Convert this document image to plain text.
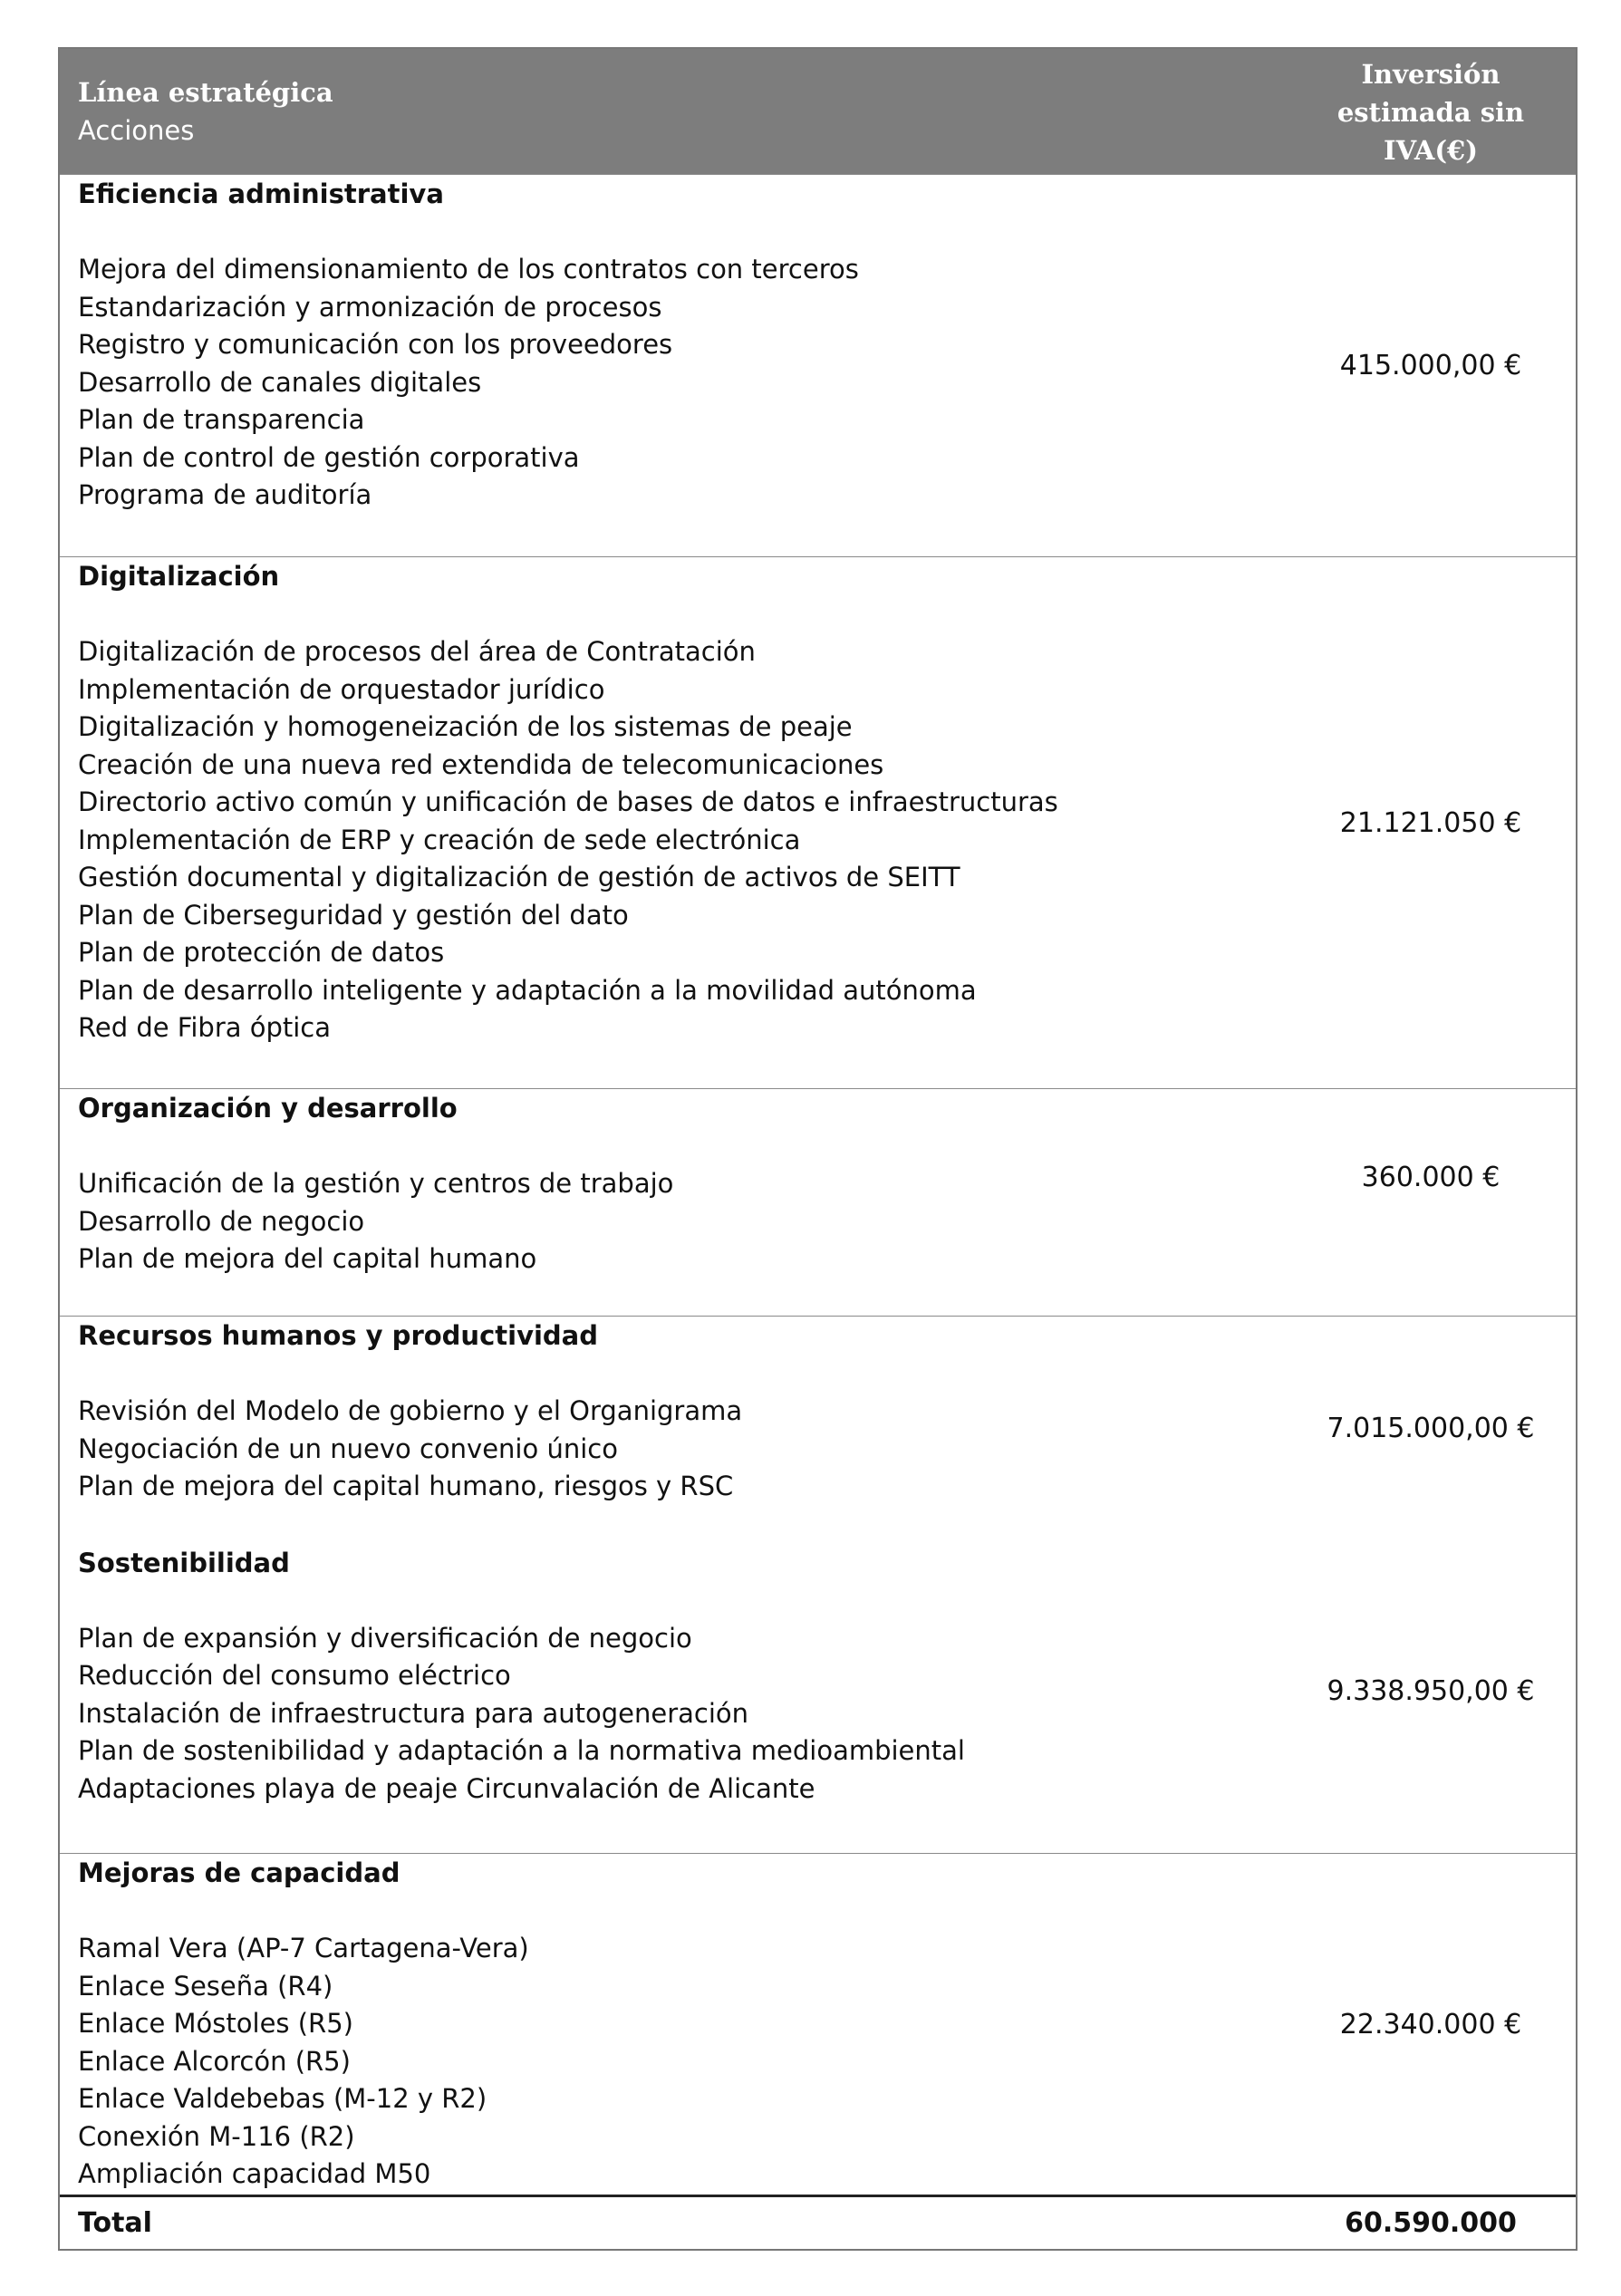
Línea estratégica
Acciones
Inversión
estimada sin
IVA(€)
Eficiencia administrativa
Mejora del dimensionamiento de los contratos con terceros
Estandarización y armonización de procesos
Registro y comunicación con los proveedores
Desarrollo de canales digitales
Plan de transparencia
Plan de control de gestión corporativa
Programa de auditoría
415.000,00 €
Digitalización
Digitalización de procesos del área de Contratación
Implementación de orquestador jurídico
Digitalización y homogeneización de los sistemas de peaje
Creación de una nueva red extendida de telecomunicaciones
Directorio activo común y unificación de bases de datos e infraestructuras
Implementación de ERP y creación de sede electrónica
Gestión documental y digitalización de gestión de activos de SEITT
Plan de Ciberseguridad y gestión del dato
Plan de protección de datos
Plan de desarrollo inteligente y adaptación a la movilidad autónoma
Red de Fibra óptica
21.121.050 €
Organización y desarrollo
Unificación de la gestión y centros de trabajo
Desarrollo de negocio
Plan de mejora del capital humano
360.000 €
Recursos humanos y productividad
Revisión del Modelo de gobierno y el Organigrama
Negociación de un nuevo convenio único
Plan de mejora del capital humano, riesgos y RSC
Sostenibilidad
Plan de expansión y diversificación de negocio
Reducción del consumo eléctrico
Instalación de infraestructura para autogeneración
Plan de sostenibilidad y adaptación a la normativa medioambiental
Adaptaciones playa de peaje Circunvalación de Alicante
7.015.000,00 €
9.338.950,00 €
Mejoras de capacidad
Ramal Vera (AP-7 Cartagena-Vera)
Enlace Seseña (R4)
Enlace Móstoles (R5)
Enlace Alcorcón (R5)
Enlace Valdebebas (M-12 y R2)
Conexión M-116 (R2)
Ampliación capacidad M50
22.340.000 €
Total	60.590.000
